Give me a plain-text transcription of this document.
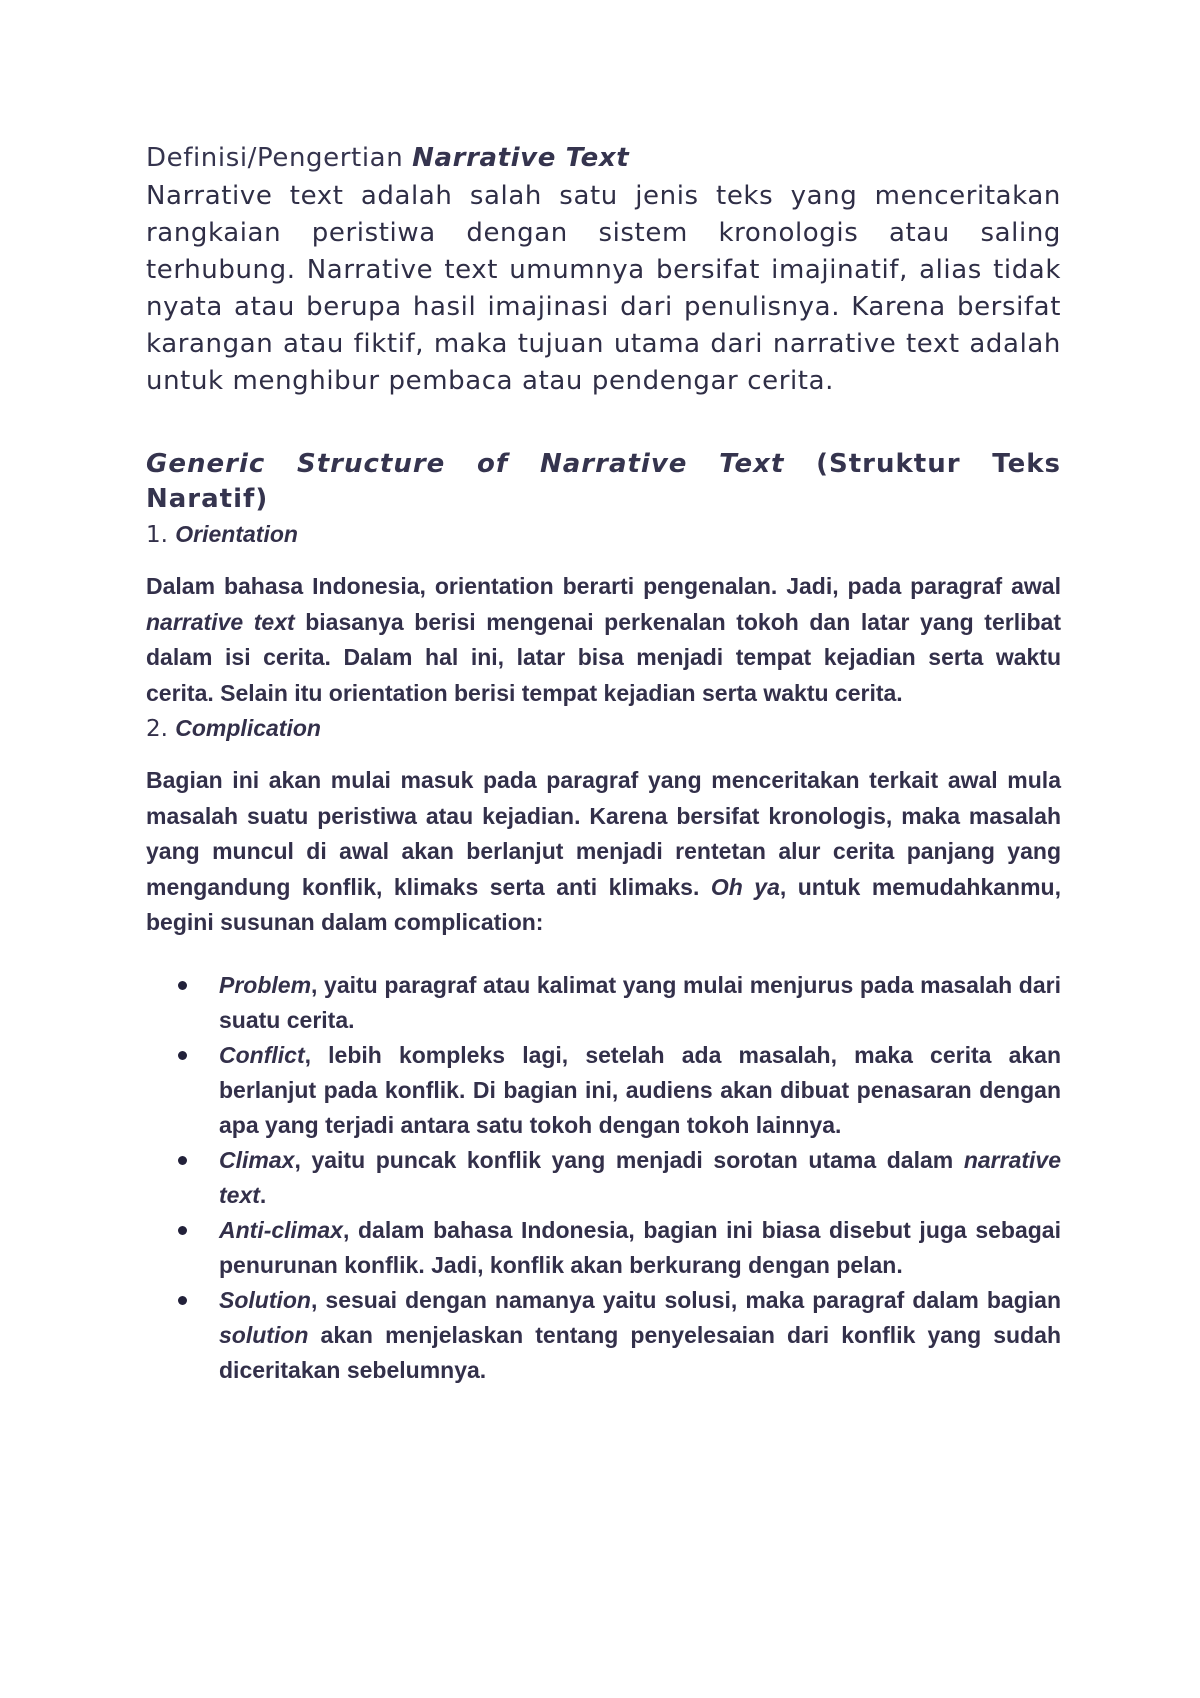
Definisi/Pengertian Narrative Text

Narrative text adalah salah satu jenis teks yang menceritakan rangkaian peristiwa dengan sistem kronologis atau saling terhubung. Narrative text umumnya bersifat imajinatif, alias tidak nyata atau berupa hasil imajinasi dari penulisnya. Karena bersifat karangan atau fiktif, maka tujuan utama dari narrative text adalah untuk menghibur pembaca atau pendengar cerita.

Generic Structure of Narrative Text (Struktur Teks Naratif)

1. Orientation

Dalam bahasa Indonesia, orientation berarti pengenalan. Jadi, pada paragraf awal narrative text biasanya berisi mengenai perkenalan tokoh dan latar yang terlibat dalam isi cerita. Dalam hal ini, latar bisa menjadi tempat kejadian serta waktu cerita. Selain itu orientation berisi tempat kejadian serta waktu cerita.

2. Complication

Bagian ini akan mulai masuk pada paragraf yang menceritakan terkait awal mula masalah suatu peristiwa atau kejadian. Karena bersifat kronologis, maka masalah yang muncul di awal akan berlanjut menjadi rentetan alur cerita panjang yang mengandung konflik, klimaks serta anti klimaks. Oh ya, untuk memudahkanmu, begini susunan dalam complication:

Problem, yaitu paragraf atau kalimat yang mulai menjurus pada masalah dari suatu cerita.
Conflict, lebih kompleks lagi, setelah ada masalah, maka cerita akan berlanjut pada konflik. Di bagian ini, audiens akan dibuat penasaran dengan apa yang terjadi antara satu tokoh dengan tokoh lainnya.
Climax, yaitu puncak konflik yang menjadi sorotan utama dalam narrative text.
Anti-climax, dalam bahasa Indonesia, bagian ini biasa disebut juga sebagai penurunan konflik. Jadi, konflik akan berkurang dengan pelan.
Solution, sesuai dengan namanya yaitu solusi, maka paragraf dalam bagian solution akan menjelaskan tentang penyelesaian dari konflik yang sudah diceritakan sebelumnya.
